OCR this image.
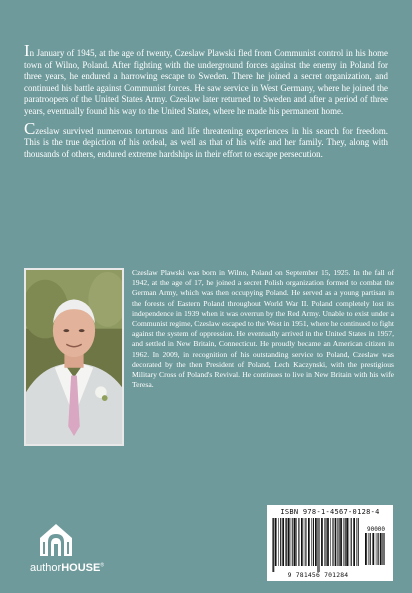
In January of 1945, at the age of twenty, Czeslaw Plawski fled from Communist control in his home town of Wilno, Poland. After fighting with the underground forces against the enemy in Poland for three years, he endured a harrowing escape to Sweden. There he joined a secret organization, and continued his battle against Communist forces. He saw service in West Germany, where he joined the paratroopers of the United States Army. Czeslaw later returned to Sweden and after a period of three years, eventually found his way to the United States, where he made his permanent home.

Czeslaw survived numerous torturous and life threatening experiences in his search for freedom. This is the true depiction of his ordeal, as well as that of his wife and her family. They, along with thousands of others, endured extreme hardships in their effort to escape persecution.

Czeslaw Plawski was born in Wilno, Poland on September 15, 1925. In the fall of 1942, at the age of 17, he joined a secret Polish organization formed to combat the German Army, which was then occupying Poland. He served as a young partisan in the forests of Eastern Poland throughout World War II. Poland completely lost its independence in 1939 when it was overrun by the Red Army. Unable to exist under a Communist regime, Czeslaw escaped to the West in 1951, where he continued to fight against the system of oppression. He eventually arrived in the United States in 1957, and settled in New Britain, Connecticut. He proudly became an American citizen in 1962. In 2009, in recognition of his outstanding service to Poland, Czeslaw was decorated by the then President of Poland, Lech Kaczynski, with the prestigious Military Cross of Poland's Revival. He continues to live in New Britain with his wife Teresa.

authorHOUSE®
ISBN 978-1-4567-0128-4
90000
9 781456 701284
